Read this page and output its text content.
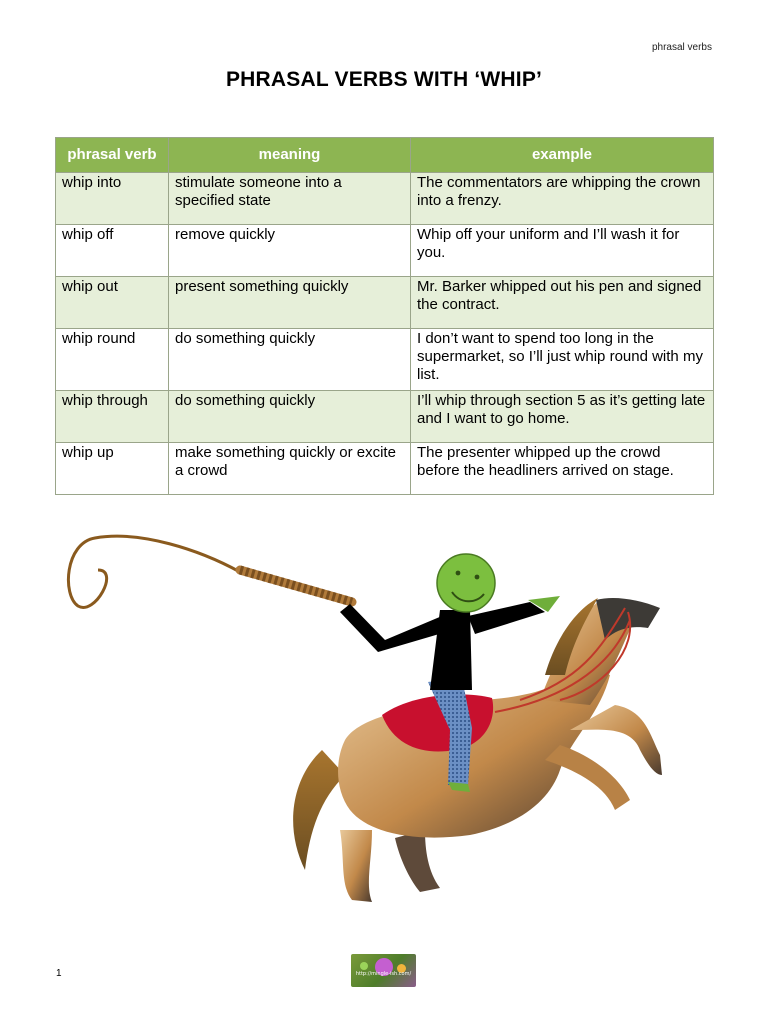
phrasal verbs
PHRASAL VERBS WITH ‘WHIP’
phrasal verb	meaning	example
whip into	stimulate someone into a specified state	The commentators are whipping the crown into a frenzy.
whip off	remove quickly	Whip off your uniform and I’ll wash it for you.
whip out	present something quickly	Mr. Barker whipped out his pen and signed the contract.
whip round	do something quickly	I don’t want to spend too long in the supermarket, so I’ll just whip round with my list.
whip through	do something quickly	I’ll whip through section 5 as it’s getting late and I want to go home.
whip up	make something quickly or excite a crowd	The presenter whipped up the crowd before the headliners arrived on stage.
1	http://mingle-ish.com/
